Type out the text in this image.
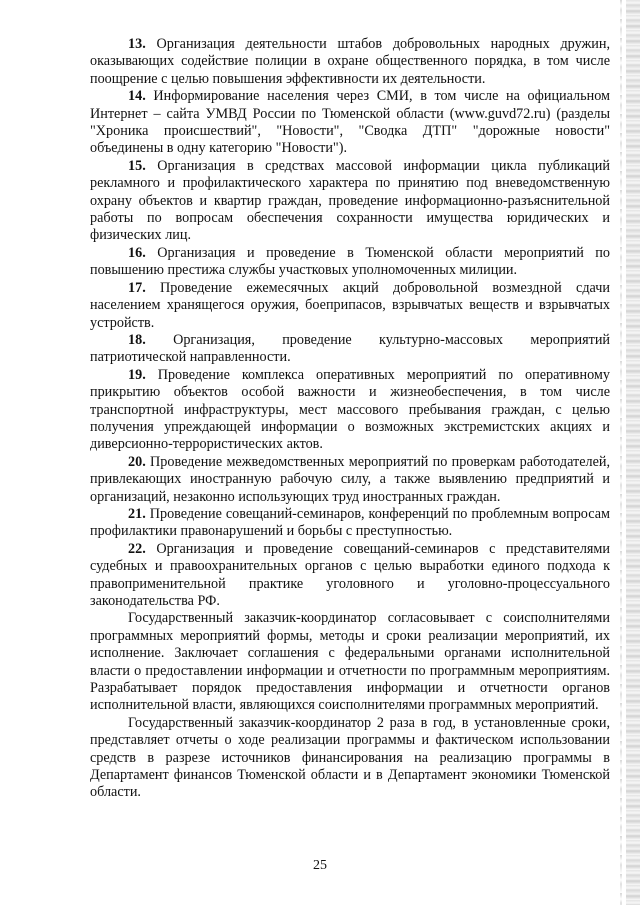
13. Организация деятельности штабов добровольных народных дружин, оказывающих содействие полиции в охране общественного порядка, в том числе поощрение с целью повышения эффективности их деятельности.

14. Информирование населения через СМИ, в том числе на официальном Интернет – сайта УМВД России по Тюменской области (www.guvd72.ru) (разделы "Хроника происшествий", "Новости", "Сводка ДТП" "дорожные новости" объединены в одну категорию "Новости").

15. Организация в средствах массовой информации цикла публикаций рекламного и профилактического характера по принятию под вневедомственную охрану объектов и квартир граждан, проведение информационно-разъяснительной работы по вопросам обеспечения сохранности имущества юридических и физических лиц.

16. Организация и проведение в Тюменской области мероприятий по повышению престижа службы участковых уполномоченных милиции.

17. Проведение ежемесячных акций добровольной возмездной сдачи населением хранящегося оружия, боеприпасов, взрывчатых веществ и взрывчатых устройств.

18. Организация, проведение культурно-массовых мероприятий патриотической направленности.

19. Проведение комплекса оперативных мероприятий по оперативному прикрытию объектов особой важности и жизнеобеспечения, в том числе транспортной инфраструктуры, мест массового пребывания граждан, с целью получения упреждающей информации о возможных экстремистских акциях и диверсионно-террористических актов.

20. Проведение межведомственных мероприятий по проверкам работодателей, привлекающих иностранную рабочую силу, а также выявлению предприятий и организаций, незаконно использующих труд иностранных граждан.

21. Проведение совещаний-семинаров, конференций по проблемным вопросам профилактики правонарушений и борьбы с преступностью.

22. Организация и проведение совещаний-семинаров с представителями судебных и правоохранительных органов с целью выработки единого подхода к правоприменительной практике уголовного и уголовно-процессуального законодательства РФ.

Государственный заказчик-координатор согласовывает с соисполнителями программных мероприятий формы, методы и сроки реализации мероприятий, их исполнение. Заключает соглашения с федеральными органами исполнительной власти о предоставлении информации и отчетности по программным мероприятиям. Разрабатывает порядок предоставления информации и отчетности органов исполнительной власти, являющихся соисполнителями программных мероприятий.

Государственный заказчик-координатор 2 раза в год, в установленные сроки, представляет отчеты о ходе реализации программы и фактическом использовании средств в разрезе источников финансирования на реализацию программы в Департамент финансов Тюменской области и в Департамент экономики Тюменской области.

25
